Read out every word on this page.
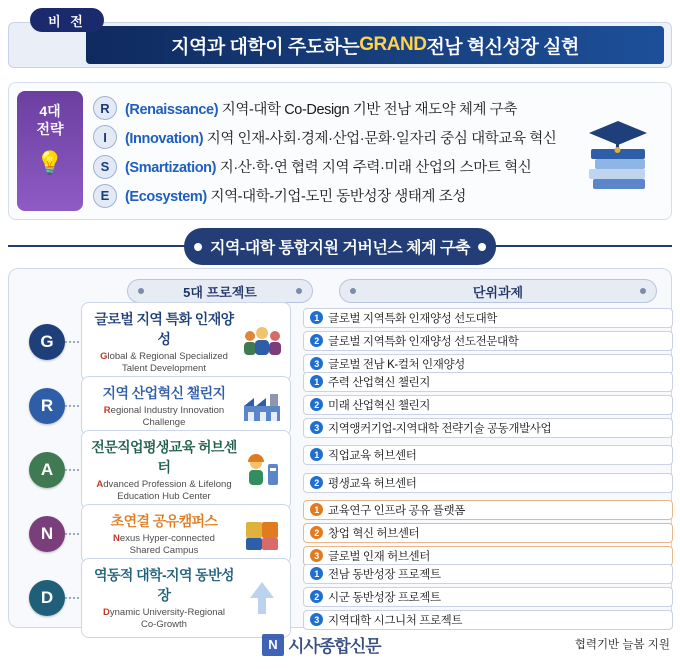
비 전
지역과 대학이 주도하는 GRAND 전남 혁신성장 실현
4대
전략
💡
R	(Renaissance) 지역-대학 Co-Design 기반 전남 재도약 체계 구축
I	(Innovation) 지역 인재-사회·경제·산업·문화·일자리 중심 대학교육 혁신
S	(Smartization) 지·산·학·연 협력 지역 주력·미래 산업의 스마트 혁신
E	(Ecosystem) 지역-대학-기업-도민 동반성장 생태계 조성
지역-대학 통합지원 거버넌스 체계 구축
5대 프로젝트	단위과제
G
글로벌 지역 특화 인재양성
Global & Regional Specialized
Talent Development
1 글로벌 지역특화 인재양성 선도대학
2 글로벌 지역특화 인재양성 선도전문대학
3 글로벌 전남 K-컬처 인재양성
R
지역 산업혁신 챌린지
Regional Industry Innovation
Challenge
1 주력 산업혁신 챌린지
2 미래 산업혁신 챌린지
3 지역앵커기업-지역대학 전략기술 공동개발사업
A
전문직업평생교육 허브센터
Advanced Profession & Lifelong
Education Hub Center
1 직업교육 허브센터
2 평생교육 허브센터
N
초연결 공유캠퍼스
Nexus Hyper-connected
Shared Campus
1 교육연구 인프라 공유 플랫폼
2 창업 혁신 허브센터
3 글로벌 인재 허브센터
D
역동적 대학-지역 동반성장
Dynamic University-Regional
Co-Growth
1 전남 동반성장 프로젝트
2 시군 동반성장 프로젝트
3 지역대학 시그니처 프로젝트
N 시사종합신문	협력기반 늘봄 지원
